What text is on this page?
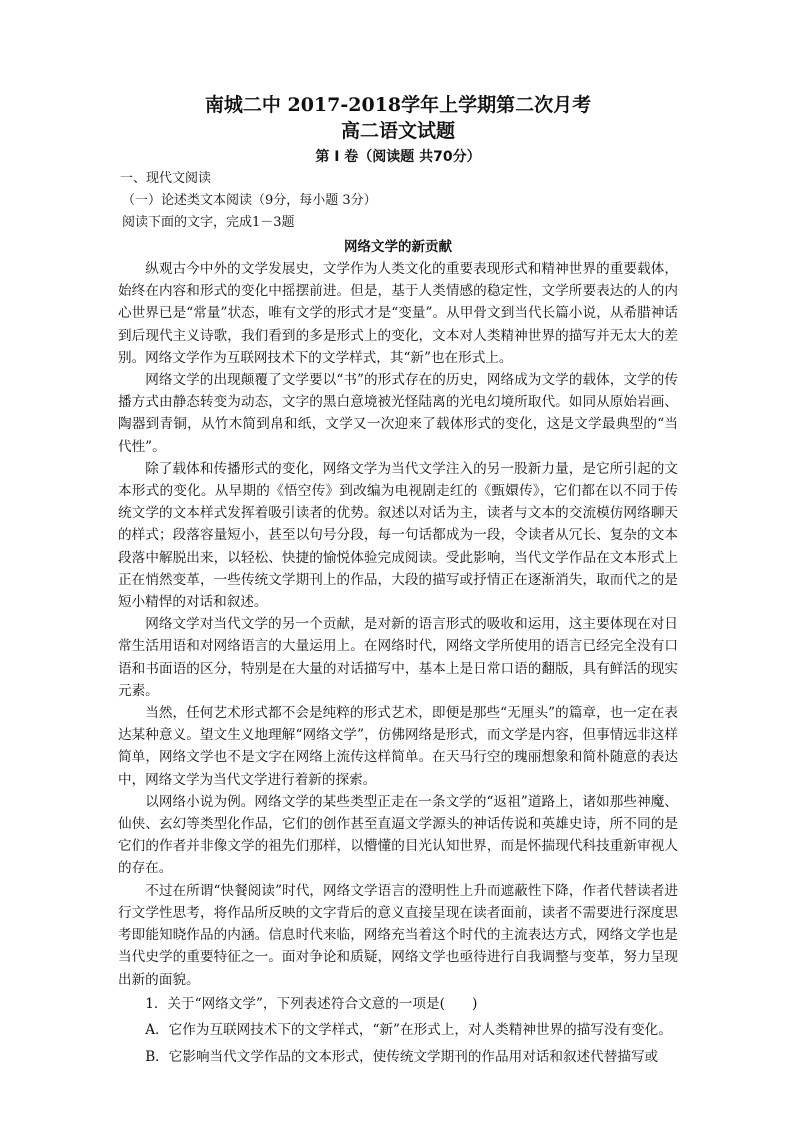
南城二中 2017-2018学年上学期第二次月考

高二语文试题

第 I 卷（阅读题 共70分）

一、现代文阅读

（一）论述类文本阅读（9分，每小题 3分）

阅读下面的文字，完成1－3题

网络文学的新贡献

纵观古今中外的文学发展史，文学作为人类文化的重要表现形式和精神世界的重要载体，始终在内容和形式的变化中摇摆前进。但是，基于人类情感的稳定性，文学所要表达的人的内心世界已是“常量”状态，唯有文学的形式才是“变量”。从甲骨文到当代长篇小说，从希腊神话到后现代主义诗歌，我们看到的多是形式上的变化，文本对人类精神世界的描写并无太大的差别。网络文学作为互联网技术下的文学样式，其“新”也在形式上。

网络文学的出现颠覆了文学要以“书”的形式存在的历史，网络成为文学的载体，文学的传播方式由静态转变为动态，文字的黑白意境被光怪陆离的光电幻境所取代。如同从原始岩画、陶器到青铜，从竹木简到帛和纸，文学又一次迎来了载体形式的变化，这是文学最典型的“当代性”。

除了载体和传播形式的变化，网络文学为当代文学注入的另一股新力量，是它所引起的文本形式的变化。从早期的《悟空传》到改编为电视剧走红的《甄嬛传》，它们都在以不同于传统文学的文本样式发挥着吸引读者的优势。叙述以对话为主，读者与文本的交流模仿网络聊天的样式；段落容量短小，甚至以句号分段，每一句话都成为一段，令读者从冗长、复杂的文本段落中解脱出来，以轻松、快捷的愉悦体验完成阅读。受此影响，当代文学作品在文本形式上正在悄然变革，一些传统文学期刊上的作品，大段的描写或抒情正在逐渐消失，取而代之的是短小精悍的对话和叙述。

网络文学对当代文学的另一个贡献，是对新的语言形式的吸收和运用，这主要体现在对日常生活用语和对网络语言的大量运用上。在网络时代，网络文学所使用的语言已经完全没有口语和书面语的区分，特别是在大量的对话描写中，基本上是日常口语的翻版，具有鲜活的现实元素。

当然，任何艺术形式都不会是纯粹的形式艺术，即便是那些“无厘头”的篇章，也一定在表达某种意义。望文生义地理解“网络文学”，仿佛网络是形式，而文学是内容，但事情远非这样简单，网络文学也不是文字在网络上流传这样简单。在天马行空的瑰丽想象和简朴随意的表达中，网络文学为当代文学进行着新的探索。

以网络小说为例。网络文学的某些类型正走在一条文学的“返祖”道路上，诸如那些神魔、仙侠、玄幻等类型化作品，它们的创作甚至直逼文学源头的神话传说和英雄史诗，所不同的是它们的作者并非像文学的祖先们那样，以懵懂的目光认知世界，而是怀揣现代科技重新审视人的存在。

不过在所谓“快餐阅读”时代，网络文学语言的澄明性上升而遮蔽性下降，作者代替读者进行文学性思考，将作品所反映的文字背后的意义直接呈现在读者面前，读者不需要进行深度思考即能知晓作品的内涵。信息时代来临，网络充当着这个时代的主流表达方式，网络文学也是当代史学的重要特征之一。面对争论和质疑，网络文学也亟待进行自我调整与变革，努力呈现出新的面貌。

1．关于“网络文学”，下列表述符合文意的一项是(　　)

A．它作为互联网技术下的文学样式，“新”在形式上，对人类精神世界的描写没有变化。

B．它影响当代文学作品的文本形式，使传统文学期刊的作品用对话和叙述代替描写或
